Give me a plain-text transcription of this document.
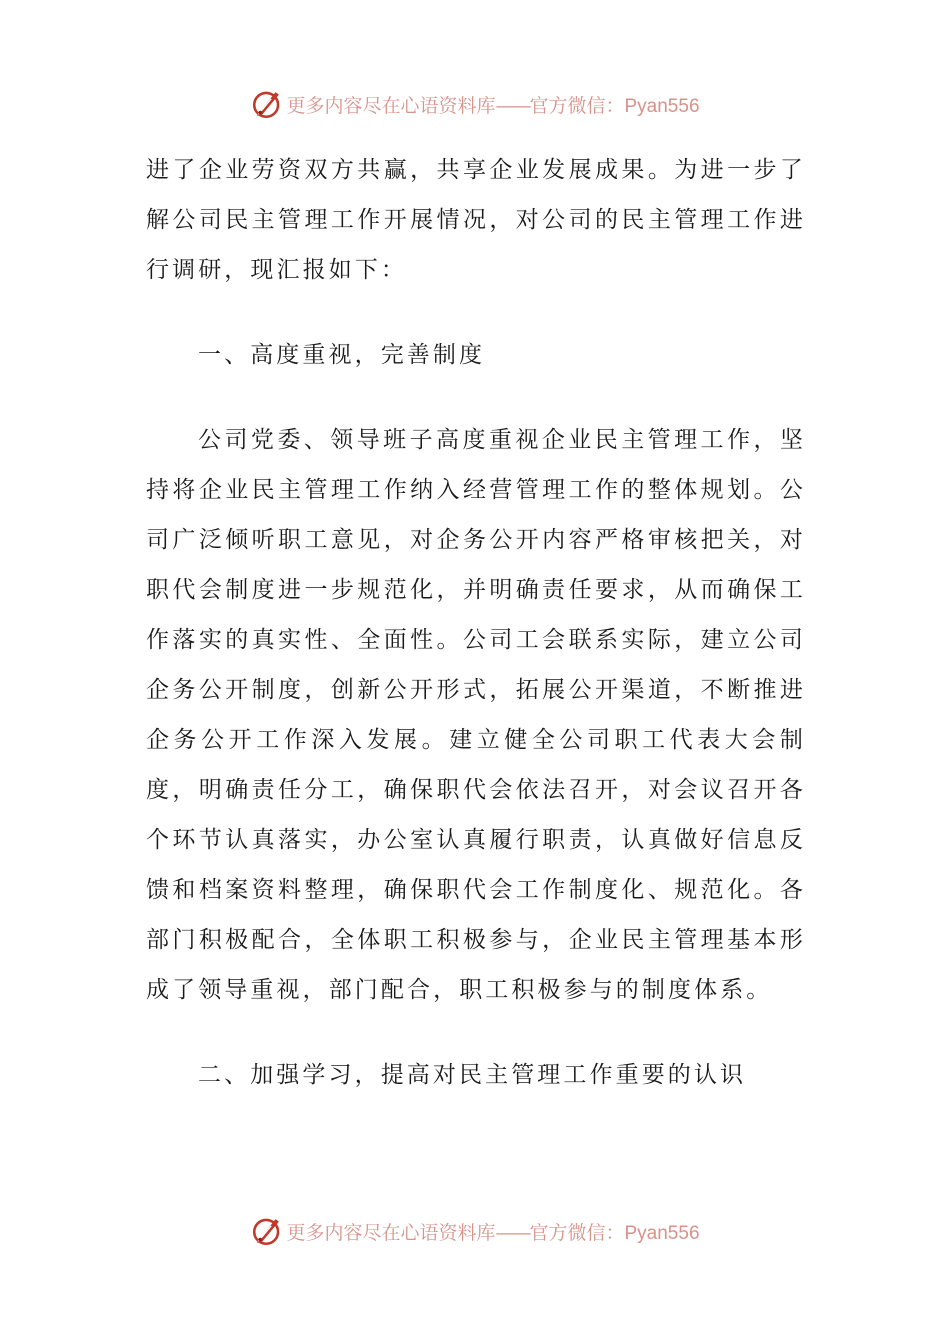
更多内容尽在心语资料库——官方微信：Pyan556

进了企业劳资双方共赢，共享企业发展成果。为进一步了解公司民主管理工作开展情况，对公司的民主管理工作进行调研，现汇报如下：

一、高度重视，完善制度

公司党委、领导班子高度重视企业民主管理工作，坚持将企业民主管理工作纳入经营管理工作的整体规划。公司广泛倾听职工意见，对企务公开内容严格审核把关，对职代会制度进一步规范化，并明确责任要求，从而确保工作落实的真实性、全面性。公司工会联系实际，建立公司企务公开制度，创新公开形式，拓展公开渠道，不断推进企务公开工作深入发展。建立健全公司职工代表大会制度，明确责任分工，确保职代会依法召开，对会议召开各个环节认真落实，办公室认真履行职责，认真做好信息反馈和档案资料整理，确保职代会工作制度化、规范化。各部门积极配合，全体职工积极参与，企业民主管理基本形成了领导重视，部门配合，职工积极参与的制度体系。

二、加强学习，提高对民主管理工作重要的认识

更多内容尽在心语资料库——官方微信：Pyan556
